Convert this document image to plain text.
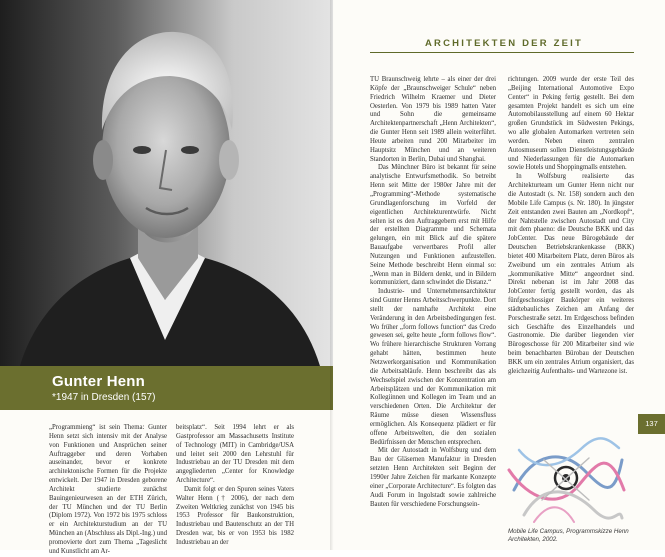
Gunter Henn
*1947 in Dresden (157)

„Programmieng“ ist sein Thema: Gunter Henn setzt sich intensiv mit der Analyse von Funktionen und Ansprüchen seiner Auftraggeber und deren Vorhaben auseinander, bevor er konkrete architektonische Formen für die Projekte entwickelt. Der 1947 in Dresden geborene Architekt studierte zunächst Bauingenieurwesen an der ETH Zürich, der TU München und der TU Berlin (Diplom 1972). Von 1972 bis 1975 schloss er ein Architekturstudium an der TU München an (Abschluss als Dipl.-Ing.) und promovierte dort zum Thema „Tageslicht und Kunstlicht am Ar-

beitsplatz“. Seit 1994 lehrt er als Gastprofessor am Massachusetts Institute of Technology (MIT) in Cambridge/USA und leitet seit 2000 den Lehrstuhl für Industriebau an der TU Dresden mit dem angegliederten „Center for Knowledge Architecture“.

Damit folgt er den Spuren seines Vaters Walter Henn († 2006), der nach dem Zweiten Weltkrieg zunächst von 1945 bis 1953 Professor für Baukonstruktion, Industriebau und Bautenschutz an der TH Dresden war, bis er von 1953 bis 1982 Industriebau an der

ARCHITEKTEN DER ZEIT

TU Braunschweig lehrte – als einer der drei Köpfe der „Braunschweiger Schule“ neben Friedrich Wilhelm Kraemer und Dieter Oesterlen. Von 1979 bis 1989 hatten Vater und Sohn die gemeinsame Architektenpartnerschaft „Henn Architekten“, die Gunter Henn seit 1989 allein weiterführt. Heute arbeiten rund 200 Mitarbeiter im Hauptsitz München und an weiteren Standorten in Berlin, Dubai und Shanghai.

Das Münchner Büro ist bekannt für seine analytische Entwurfsmethodik. So betreibt Henn seit Mitte der 1980er Jahre mit der „Programming“-Methode systematische Grundlagenforschung im Vorfeld der eigentlichen Architekturentwürfe. Nicht selten ist es den Auftraggebern erst mit Hilfe der erstellten Diagramme und Schemata gelungen, ein mit Blick auf die spätere Bauaufgabe verwertbares Profil aller Nutzungen und Funktionen aufzustellen. Seine Methode beschreibt Henn einmal so: „Wenn man in Bildern denkt, und in Bildern kommuniziert, dann schwindet die Distanz.“

Industrie- und Unternehmensarchitektur sind Gunter Henns Arbeitsschwerpunkte. Dort stellt der namhafte Architekt eine Veränderung in den Arbeitsbedingungen fest. Wo früher „form follows function“ das Credo gewesen sei, gelte heute „form follows flow“. Wo frühere hierarchische Strukturen Vorrang gehabt hätten, bestimmen heute Netzwerkorganisation und Kommunikation die Arbeitsabläufe. Henn beschreibt das als Wechselspiel zwischen der Konzentration am Arbeitsplätzen und der Kommunikation mit Kollegiinnen und Kollegen im Team und an verschiedenen Orten. Die Architektur der Räume müsse diesen Wissensfluss ermöglichen. Als Konsequenz plädiert er für offene Arbeitswelten, die den sozialen Bedürfnissen der Menschen entsprechen.

Mit der Autostadt in Wolfsburg und dem Bau der Gläsernen Manufaktur in Dresden setzten Henn Architekten seit Beginn der 1990er Jahre Zeichen für markante Konzepte einer „Corporate Architecture“. Es folgten das Audi Forum in Ingolstadt sowie zahlreiche Bauten für verschiedene Forschungsein-

richtungen. 2009 wurde der erste Teil des „Beijing International Automotive Expo Center“ in Peking fertig gestellt. Bei dem gesamten Projekt handelt es sich um eine Automobilausstellung auf einem 60 Hektar großen Grundstück im Südwesten Pekings, wo alle globalen Automarken vertreten sein werden. Neben einem zentralen Autosmuseum sollen Dienstleistungsgebäude und Niederlassungen für die Automarken sowie Hotels und Shoppingmalls entstehen.

In Wolfsburg realisierte das Architekturteam um Gunter Henn nicht nur die Autostadt (s. Nr. 158) sondern auch den Mobile Life Campus (s. Nr. 180). In jüngster Zeit entstanden zwei Bauten am „Nordkopf“, der Nahtstelle zwischen Autostadt und City mit dem phaeno: die Deutsche BKK und das JobCenter. Das neue Bürogebäude der Deutschen Betriebskrankenkasse (BKK) bietet 400 Mitarbeitern Platz, deren Büros als Zweibund um ein zentrales Atrium als „kommunikative Mitte“ angeordnet sind. Direkt nebenan ist im Jahr 2008 das JobCenter fertig gestellt worden, das als fünfgeschossiger Baukörper ein weiteres städtebauliches Zeichen am Anfang der Porschestraße setzt. Im Erdgeschoss befinden sich Geschäfte des Einzelhandels und Gastronomie. Die darüber liegenden vier Bürogeschosse für 200 Mitarbeiter sind wie beim benachbarten Bürobau der Deutschen BKK um ein zentrales Atrium organisiert, das gleichzeitig Aufenthalts- und Wartezone ist.

Mobile Life Campus, Programmskizze Henn Architekten, 2002.
137
